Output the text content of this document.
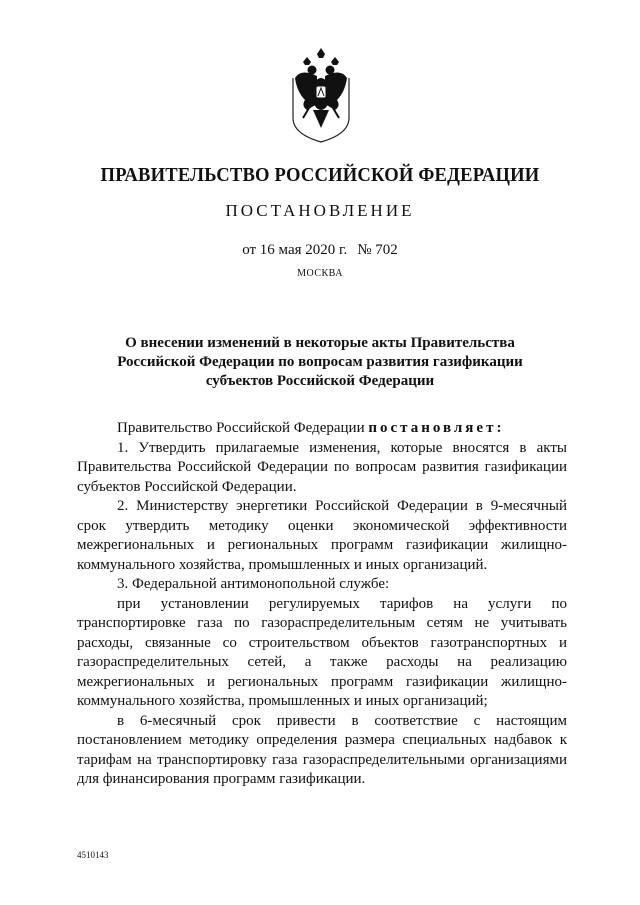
ПРАВИТЕЛЬСТВО РОССИЙСКОЙ ФЕДЕРАЦИИ
ПОСТАНОВЛЕНИЕ
от 16 мая 2020 г. № 702
МОСКВА
О внесении изменений в некоторые акты Правительства
Российской Федерации по вопросам развития газификации
субъектов Российской Федерации

Правительство Российской Федерации постановляет:

1. Утвердить прилагаемые изменения, которые вносятся в акты Правительства Российской Федерации по вопросам развития газификации субъектов Российской Федерации.

2. Министерству энергетики Российской Федерации в 9-месячный срок утвердить методику оценки экономической эффективности межрегиональных и региональных программ газификации жилищно-коммунального хозяйства, промышленных и иных организаций.

3. Федеральной антимонопольной службе:

при установлении регулируемых тарифов на услуги по транспортировке газа по газораспределительным сетям не учитывать расходы, связанные со строительством объектов газотранспортных и газораспределительных сетей, а также расходы на реализацию межрегиональных и региональных программ газификации жилищно-коммунального хозяйства, промышленных и иных организаций;

в 6-месячный срок привести в соответствие с настоящим постановлением методику определения размера специальных надбавок к тарифам на транспортировку газа газораспределительными организациями для финансирования программ газификации.

4510143
